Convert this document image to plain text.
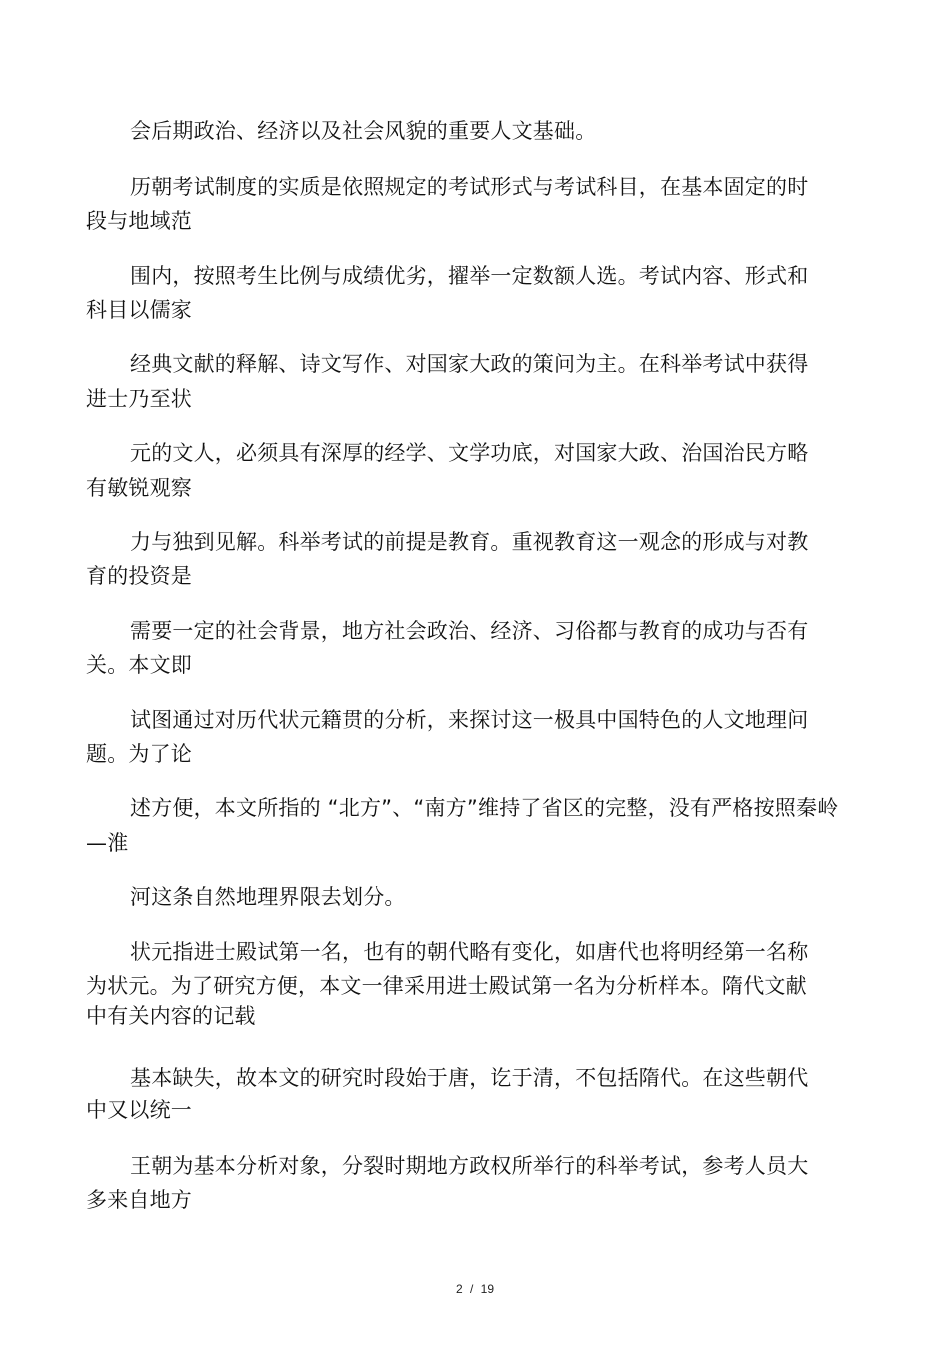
会后期政治、经济以及社会风貌的重要人文基础。
历朝考试制度的实质是依照规定的考试形式与考试科目，在基本固定的时
段与地域范
围内，按照考生比例与成绩优劣，擢举一定数额人选。考试内容、形式和
科目以儒家
经典文献的释解、诗文写作、对国家大政的策问为主。在科举考试中获得
进士乃至状
元的文人，必须具有深厚的经学、文学功底，对国家大政、治国治民方略
有敏锐观察
力与独到见解。科举考试的前提是教育。重视教育这一观念的形成与对教
育的投资是
需要一定的社会背景，地方社会政治、经济、习俗都与教育的成功与否有
关。本文即
试图通过对历代状元籍贯的分析，来探讨这一极具中国特色的人文地理问
题。为了论
述方便，本文所指的 “北方”、“南方”维持了省区的完整，没有严格按照秦岭
—淮
河这条自然地理界限去划分。
状元指进士殿试第一名，也有的朝代略有变化，如唐代也将明经第一名称
为状元。为了研究方便，本文一律采用进士殿试第一名为分析样本。隋代文献
中有关内容的记载
基本缺失，故本文的研究时段始于唐，讫于清，不包括隋代。在这些朝代
中又以统一
王朝为基本分析对象，分裂时期地方政权所举行的科举考试，参考人员大
多来自地方
2 / 19
